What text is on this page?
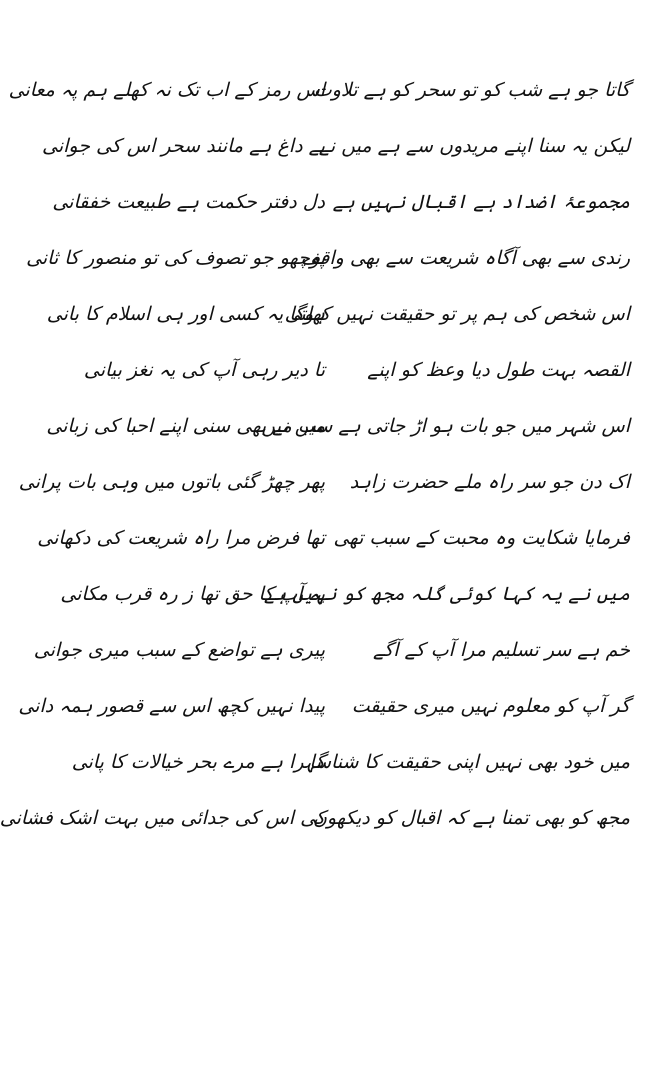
گاتا جو ہے شب کو تو سحر کو ہے تلاوت
اس رمز کے اب تک نہ کھلے ہم پہ معانی
لیکن یہ سنا اپنے مریدوں سے ہے میں نے
بے داغ ہے مانند سحر اس کی جوانی
مجموعۂ اضداد ہے اقبال نہیں ہے
دل دفتر حکمت ہے طبیعت خفقانی
رندی سے بھی آگاہ شریعت سے بھی واقف
پوچھو جو تصوف کی تو منصور کا ثانی
اس شخص کی ہم پر تو حقیقت نہیں کھلتی
ہوگا یہ کسی اور ہی اسلام کا بانی
القصہ بہت طول دیا وعظ کو اپنے
تا دیر رہی آپ کی یہ نغز بیانی
اس شہر میں جو بات ہو اڑ جاتی ہے سب میں
میں نے بھی سنی اپنے احبا کی زبانی
اک دن جو سر راہ ملے حضرت زاہد
پھر چھڑ گئی باتوں میں وہی بات پرانی
فرمایا شکایت وہ محبت کے سبب تھی
تھا فرض مرا راہ شریعت کی دکھانی
میں نے یہ کہا کوئی گلہ مجھ کو نہیں ہے
یہ آپ کا حق تھا ز رہ قرب مکانی
خم ہے سر تسلیم مرا آپ کے آگے
پیری ہے تواضع کے سبب میری جوانی
گر آپ کو معلوم نہیں میری حقیقت
پیدا نہیں کچھ اس سے قصور ہمہ دانی
میں خود بھی نہیں اپنی حقیقت کا شناسا
گہرا ہے مرے بحر خیالات کا پانی
مجھ کو بھی تمنا ہے کہ اقبال کو دیکھوں
کی اس کی جدائی میں بہت اشک فشانی
